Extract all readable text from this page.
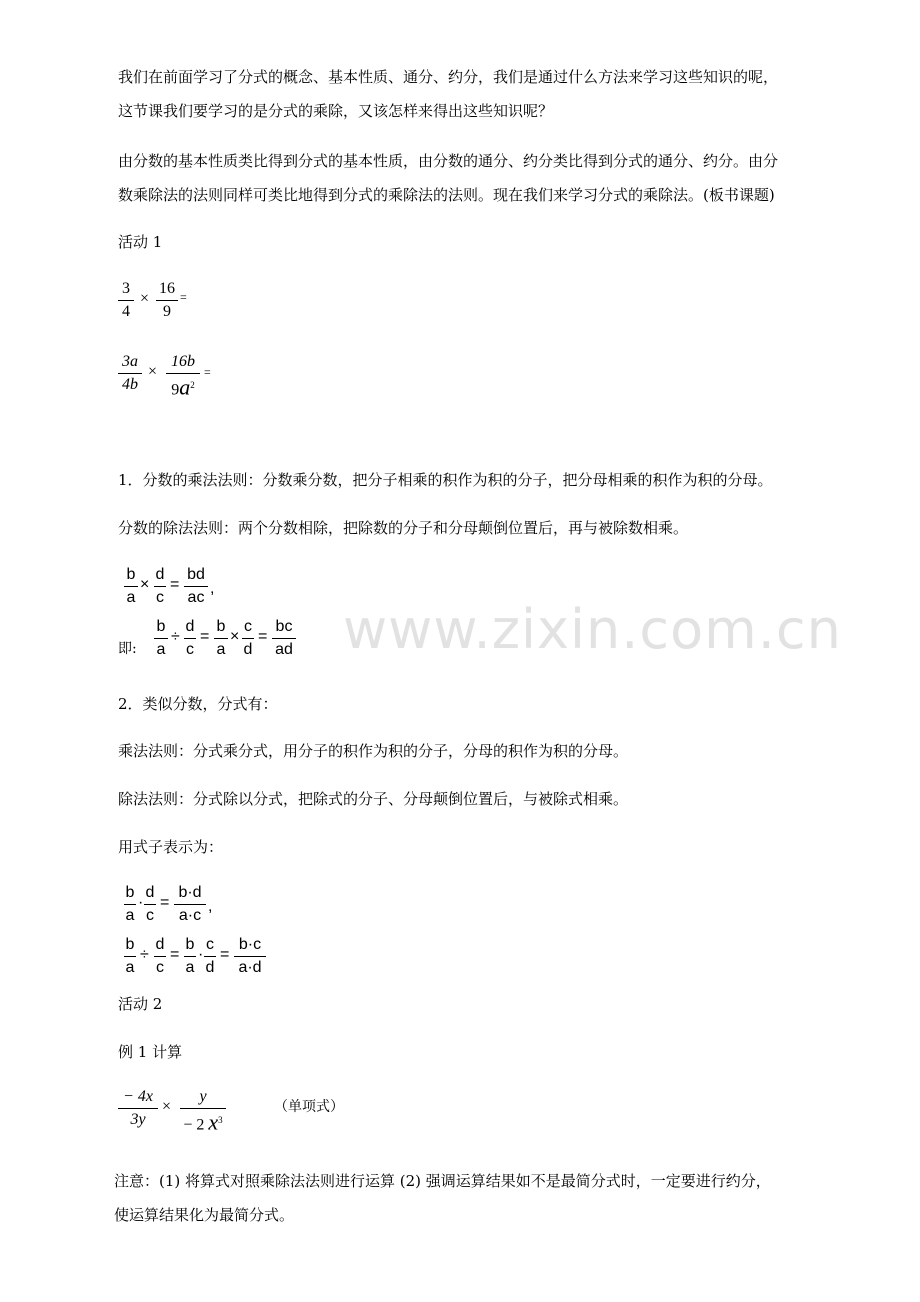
www.zixin.com.cn
我们在前面学习了分式的概念、基本性质、通分、约分，我们是通过什么方法来学习这些知识的呢，
这节课我们要学习的是分式的乘除，又该怎样来得出这些知识呢？
由分数的基本性质类比得到分式的基本性质，由分数的通分、约分类比得到分式的通分、约分。由分
数乘除法的法则同样可类比地得到分式的乘除法的法则。现在我们来学习分式的乘除法。(板书课题)
活动 1
3
4
×
16
9
=
3a
4b
×
16b
$9a^2$
=
1．分数的乘法法则：分数乘分数，把分子相乘的积作为积的分子，把分母相乘的积作为积的分母。
分数的除法法则：两个分数相除，把除数的分子和分母颠倒位置后，再与被除数相乘。
b
a
×
d
c
=
bd
ac
,
即:
b
a
÷
d
c
=
b
a
×
c
d
=
bc
ad
2．类似分数，分式有：
乘法法则：分式乘分式，用分子的积作为积的分子，分母的积作为积的分母。
除法法则：分式除以分式，把除式的分子、分母颠倒位置后，与被除式相乘。
用式子表示为：
b
a
·
d
c
=
b·d
a·c
,
b
a
÷
d
c
=
b
a
·
c
d
=
b·c
a·d
活动 2
例 1 计算
− 4x
3y
×
y
− 2 $x^3$
（单项式）
注意：(1) 将算式对照乘除法法则进行运算 (2) 强调运算结果如不是最简分式时，一定要进行约分，
使运算结果化为最简分式。
